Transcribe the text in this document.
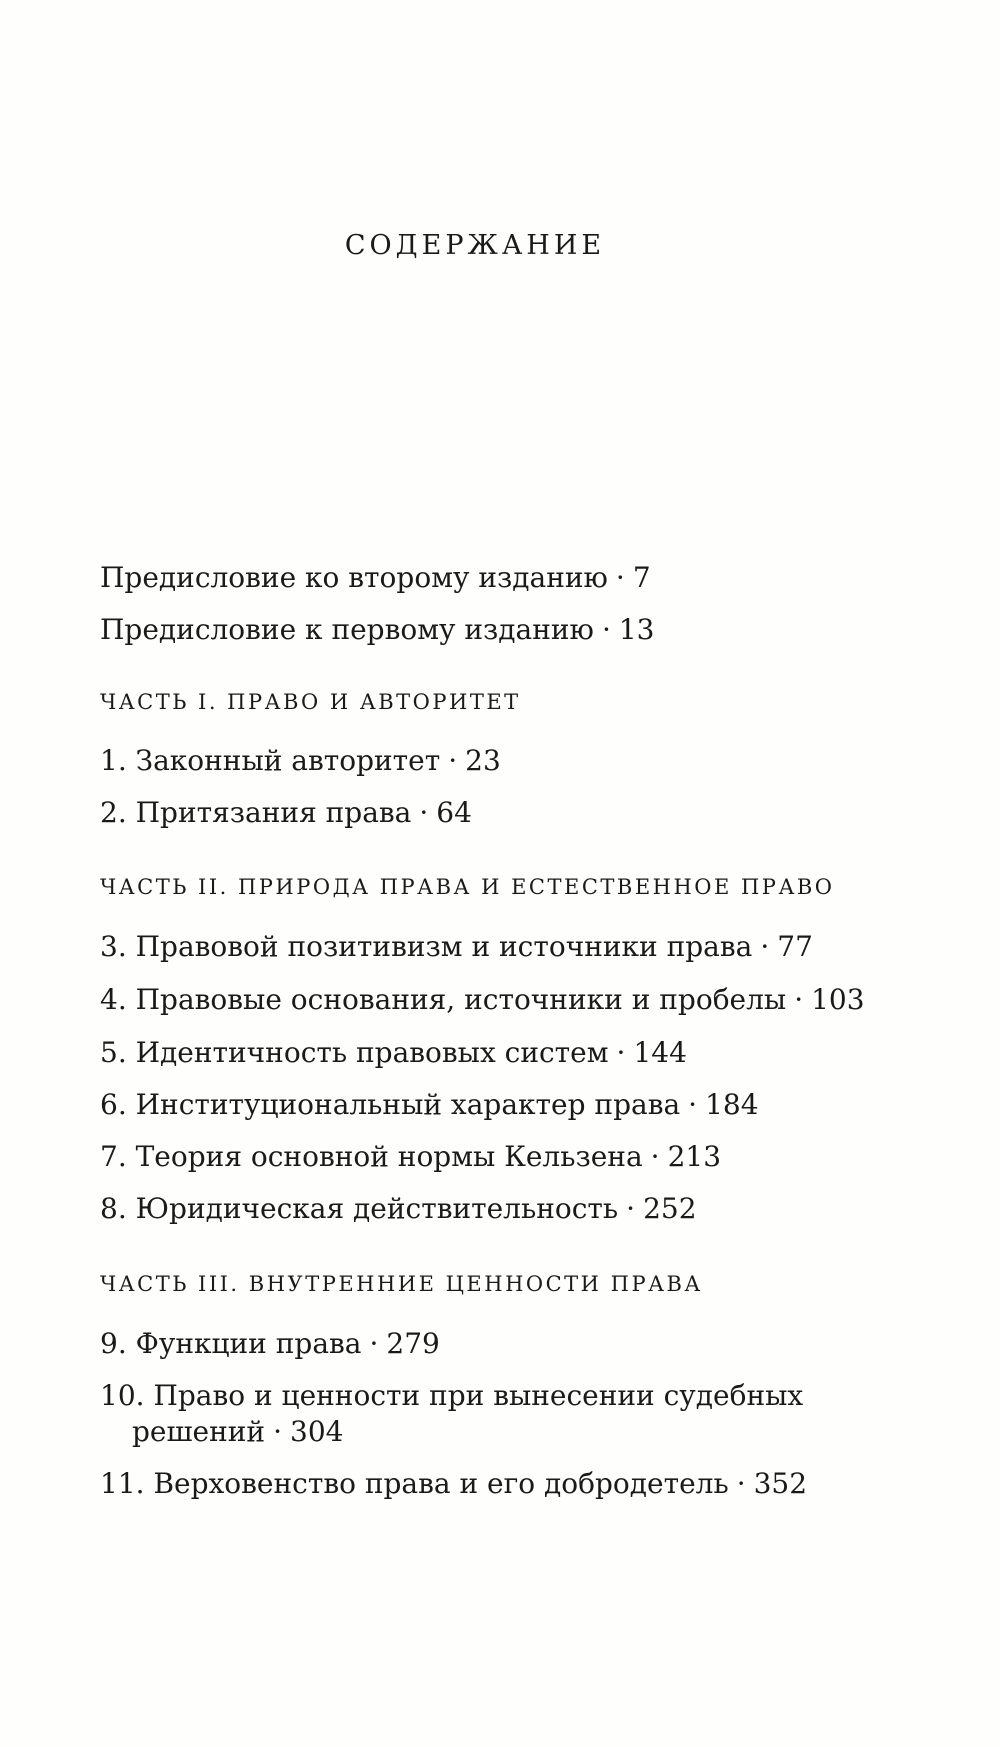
СОДЕРЖАНИЕ
Предисловие ко второму изданию · 7
Предисловие к первому изданию · 13
ЧАСТЬ I. ПРАВО И АВТОРИТЕТ
1. Законный авторитет · 23
2. Притязания права · 64
ЧАСТЬ II. ПРИРОДА ПРАВА И ЕСТЕСТВЕННОЕ ПРАВО
3. Правовой позитивизм и источники права · 77
4. Правовые основания, источники и пробелы · 103
5. Идентичность правовых систем · 144
6. Институциональный характер права · 184
7. Теория основной нормы Кельзена · 213
8. Юридическая действительность · 252
ЧАСТЬ III. ВНУТРЕННИЕ ЦЕННОСТИ ПРАВА
9. Функции права · 279
10. Право и ценности при вынесении судебных
решений · 304
11. Верховенство права и его добродетель · 352
